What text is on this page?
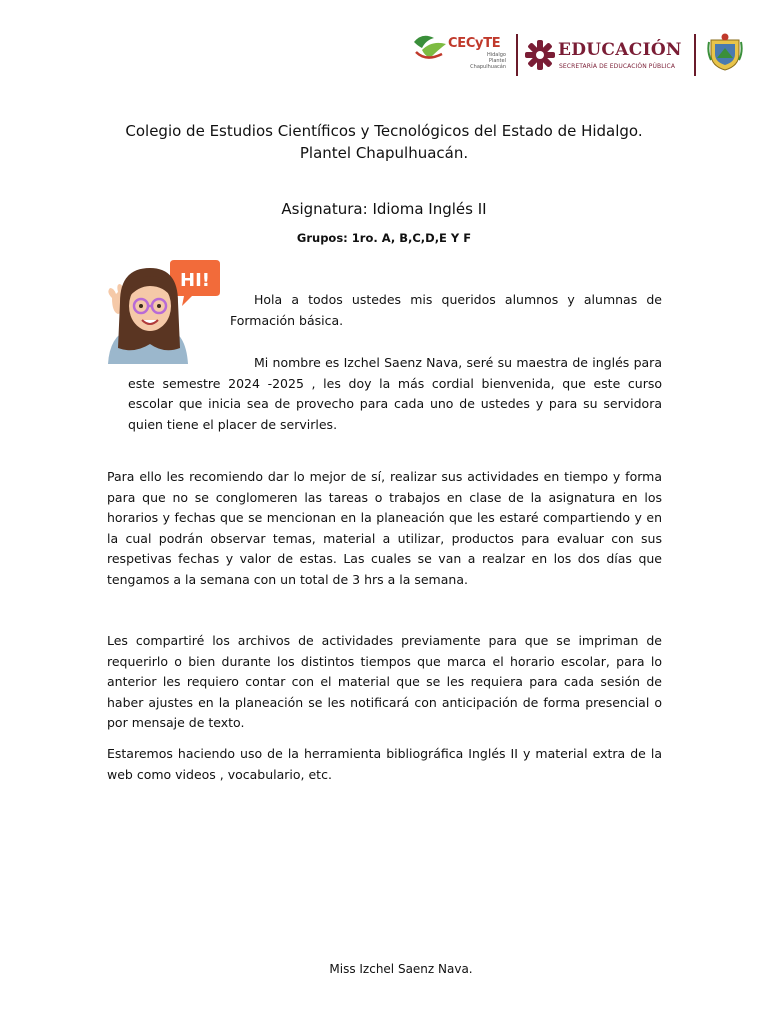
CECyTE
Hidalgo
Plantel
Chapulhuacán
EDUCACIÓN
SECRETARÍA DE EDUCACIÓN PÚBLICA
Colegio de Estudios Científicos y Tecnológicos del Estado de Hidalgo.
Plantel Chapulhuacán.
Asignatura: Idioma Inglés II
Grupos: 1ro. A, B,C,D,E Y F
HI!

Hola a todos ustedes mis queridos alumnos y alumnas de Formación básica.

Mi nombre es Izchel Saenz Nava, seré su maestra de inglés para
este semestre 2024 -2025 , les doy la más cordial bienvenida, que este curso escolar que inicia sea de provecho para cada uno de ustedes y para su servidora quien tiene el placer de servirles.

Para ello les recomiendo dar lo mejor de sí, realizar sus actividades en tiempo y forma para que no se conglomeren las tareas o trabajos en clase de la asignatura en los horarios y fechas que se mencionan en la planeación que les estaré compartiendo y en la cual podrán observar temas, material a utilizar, productos para evaluar con sus respetivas fechas y valor de estas. Las cuales se van a realzar en los dos días que tengamos a la semana con un total de 3 hrs a la semana.

Les compartiré los archivos de actividades previamente para que se impriman de requerirlo o bien durante los distintos tiempos que marca el horario escolar, para lo anterior les requiero contar con el material que se les requiera para cada sesión de haber ajustes en la planeación se les notificará con anticipación de forma presencial o por mensaje de texto.

Estaremos haciendo uso de la herramienta bibliográfica Inglés II y material extra de la web como videos , vocabulario, etc.

Miss Izchel Saenz Nava.
